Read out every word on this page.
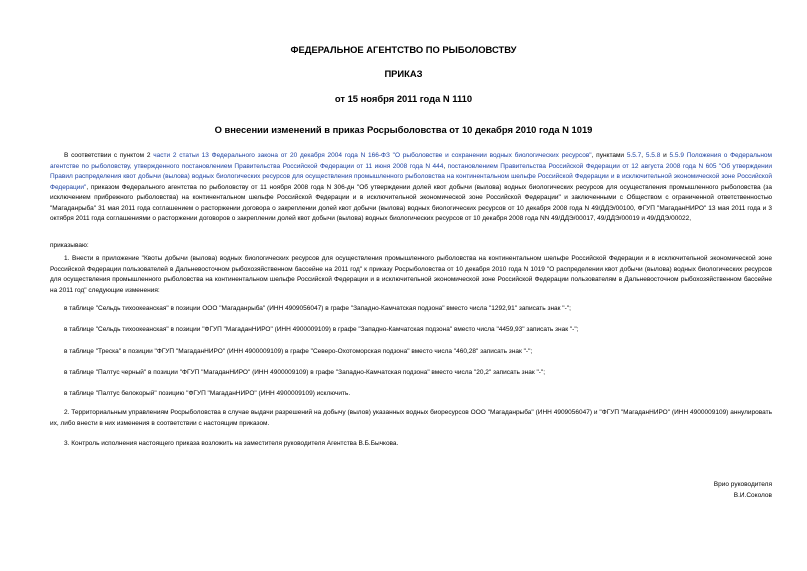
ФЕДЕРАЛЬНОЕ АГЕНТСТВО ПО РЫБОЛОВСТВУ
ПРИКАЗ
от 15 ноября 2011 года N 1110
О внесении изменений в приказ Росрыболовства от 10 декабря 2010 года N 1019
В соответствии с пунктом 2 части 2 статьи 13 Федерального закона от 20 декабря 2004 года N 166-ФЗ "О рыболовстве и сохранении водных биологических ресурсов", пунктами 5.5.7, 5.5.8 и 5.5.9 Положения о Федеральном агентстве по рыболовству, утвержденного постановлением Правительства Российской Федерации от 11 июня 2008 года N 444, постановлением Правительства Российской Федерации от 12 августа 2008 года N 605 "Об утверждении Правил распределения квот добычи (вылова) водных биологических ресурсов для осуществления промышленного рыболовства на континентальном шельфе Российской Федерации и в исключительной экономической зоне Российской Федерации", приказом Федерального агентства по рыболовству от 11 ноября 2008 года N 306-дн "Об утверждении долей квот добычи (вылова) водных биологических ресурсов для осуществления промышленного рыболовства (за исключением прибрежного рыболовства) на континентальном шельфе Российской Федерации и в исключительной экономической зоне Российской Федерации" и заключенными с Обществом с ограниченной ответственностью "Магаданрыба" 31 мая 2011 года соглашением о расторжении договора о закреплении долей квот добычи (вылова) водных биологических ресурсов от 10 декабря 2008 года N 49/ДДЭ/00100, ФГУП "МагаданНИРО" 13 мая 2011 года и 3 октября 2011 года соглашениями о расторжении договоров о закреплении долей квот добычи (вылова) водных биологических ресурсов от 10 декабря 2008 года NN 49/ДДЭ/00017, 49/ДДЭ/00019 и 49/ДДЭ/00022,
приказываю:
1. Внести в приложение "Квоты добычи (вылова) водных биологических ресурсов для осуществления промышленного рыболовства на континентальном шельфе Российской Федерации и в исключительной экономической зоне Российской Федерации пользователей в Дальневосточном рыбохозяйственном бассейне на 2011 год" к приказу Росрыболовства от 10 декабря 2010 года N 1019 "О распределении квот добычи (вылова) водных биологических ресурсов для осуществления промышленного рыболовства на континентальном шельфе Российской Федерации и в исключительной экономической зоне Российской Федерации пользователям в Дальневосточном рыбохозяйственном бассейне на 2011 год" следующие изменения:
в таблице "Сельдь тихоокеанская" в позиции ООО "Магаданрыба" (ИНН 4909056047) в графе "Западно-Камчатская подзона" вместо числа "1292,91" записать знак "-";
в таблице "Сельдь тихоокеанская" в позиции "ФГУП "МагаданНИРО" (ИНН 4900009109) в графе "Западно-Камчатская подзона" вместо числа "4459,93" записать знак "-";
в таблице "Треска" в позиции "ФГУП "МагаданНИРО" (ИНН 4900009109) в графе "Северо-Охотоморская подзона" вместо числа "460,28" записать знак "-";
в таблице "Палтус черный" в позиции "ФГУП "МагаданНИРО" (ИНН 4900009109) в графе "Западно-Камчатская подзона" вместо числа "20,2" записать знак "-";
в таблице "Палтус белокорый" позицию "ФГУП "МагаданНИРО" (ИНН 4900009109) исключить.
2. Территориальным управлениям Росрыболовства в случае выдачи разрешений на добычу (вылов) указанных водных биоресурсов ООО "Магаданрыба" (ИНН 4909056047) и "ФГУП "МагаданНИРО" (ИНН 4900009109) аннулировать их, либо внести в них изменения в соответствии с настоящим приказом.
3. Контроль исполнения настоящего приказа возложить на заместителя руководителя Агентства В.Б.Бычкова.
Врио руководителя
В.И.Соколов
